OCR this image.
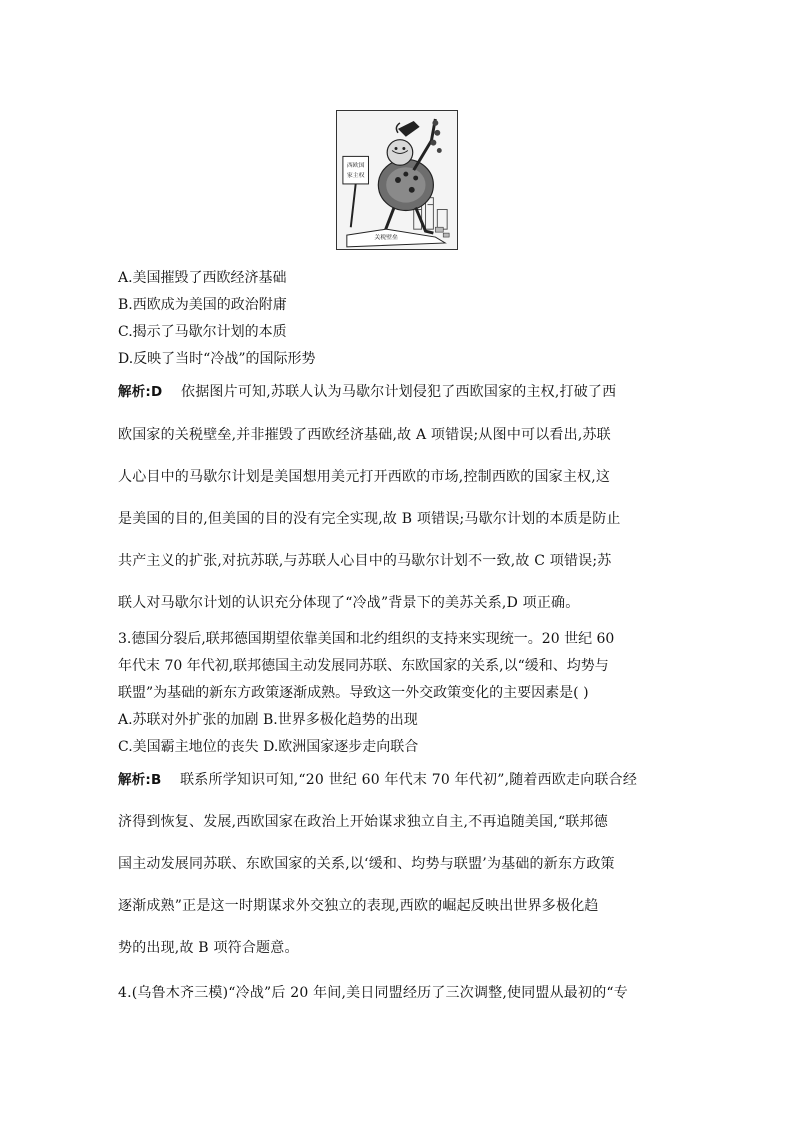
西欧国
家主权
关税壁垒
A.美国摧毁了西欧经济基础
B.西欧成为美国的政治附庸
C.揭示了马歇尔计划的本质
D.反映了当时“冷战”的国际形势
解析:D 依据图片可知,苏联人认为马歇尔计划侵犯了西欧国家的主权,打破了西
欧国家的关税壁垒,并非摧毁了西欧经济基础,故 A 项错误;从图中可以看出,苏联
人心目中的马歇尔计划是美国想用美元打开西欧的市场,控制西欧的国家主权,这
是美国的目的,但美国的目的没有完全实现,故 B 项错误;马歇尔计划的本质是防止
共产主义的扩张,对抗苏联,与苏联人心目中的马歇尔计划不一致,故 C 项错误;苏
联人对马歇尔计划的认识充分体现了“冷战”背景下的美苏关系,D 项正确。
3.德国分裂后,联邦德国期望依靠美国和北约组织的支持来实现统一。20 世纪 60
年代末 70 年代初,联邦德国主动发展同苏联、东欧国家的关系,以“缓和、均势与
联盟”为基础的新东方政策逐渐成熟。导致这一外交政策变化的主要因素是( )
A.苏联对外扩张的加剧 B.世界多极化趋势的出现
C.美国霸主地位的丧失 D.欧洲国家逐步走向联合
解析:B 联系所学知识可知,“20 世纪 60 年代末 70 年代初”,随着西欧走向联合经
济得到恢复、发展,西欧国家在政治上开始谋求独立自主,不再追随美国,“联邦德
国主动发展同苏联、东欧国家的关系,以‘缓和、均势与联盟’为基础的新东方政策
逐渐成熟”正是这一时期谋求外交独立的表现,西欧的崛起反映出世界多极化趋
势的出现,故 B 项符合题意。
4.(乌鲁木齐三模)“冷战”后 20 年间,美日同盟经历了三次调整,使同盟从最初的“专
